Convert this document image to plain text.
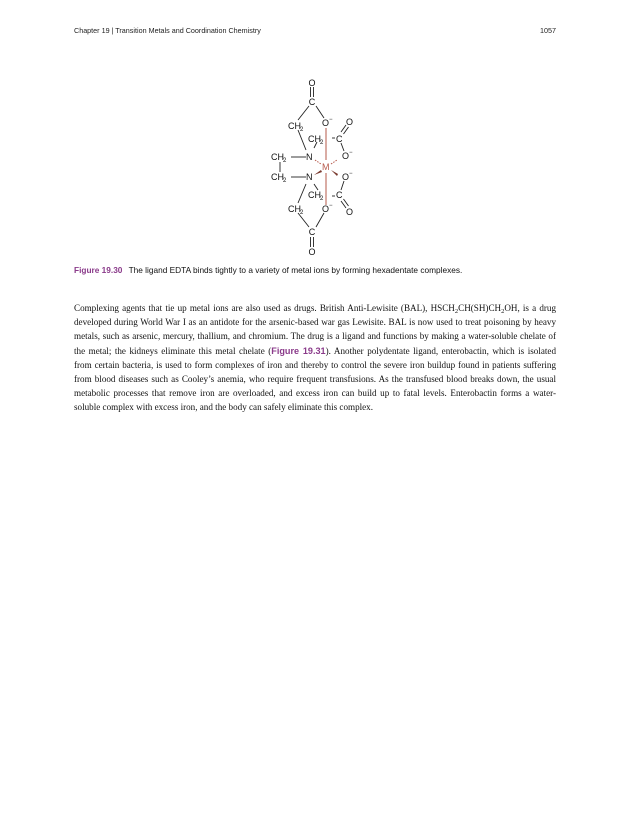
Chapter 19 | Transition Metals and Coordination Chemistry	1057
O
C
CH 2
O −
CH 2 C
O
O −
CH 2 N
M
CH 2 N	O −
CH 2 C
O
CH 2 O −
C
O
Figure 19.30 The ligand EDTA binds tightly to a variety of metal ions by forming hexadentate complexes.

Complexing agents that tie up metal ions are also used as drugs. British Anti-Lewisite (BAL), $HSCH_2CH(SH)CH_2OH$, is a drug developed during World War I as an antidote for the arsenic-based war gas Lewisite. BAL is now used to treat poisoning by heavy metals, such as arsenic, mercury, thallium, and chromium. The drug is a ligand and functions by making a water-soluble chelate of the metal; the kidneys eliminate this metal chelate (Figure 19.31). Another polydentate ligand, enterobactin, which is isolated from certain bacteria, is used to form complexes of iron and thereby to control the severe iron buildup found in patients suffering from blood diseases such as Cooley’s anemia, who require frequent transfusions. As the transfused blood breaks down, the usual metabolic processes that remove iron are overloaded, and excess iron can build up to fatal levels. Enterobactin forms a water-soluble complex with excess iron, and the body can safely eliminate this complex.
